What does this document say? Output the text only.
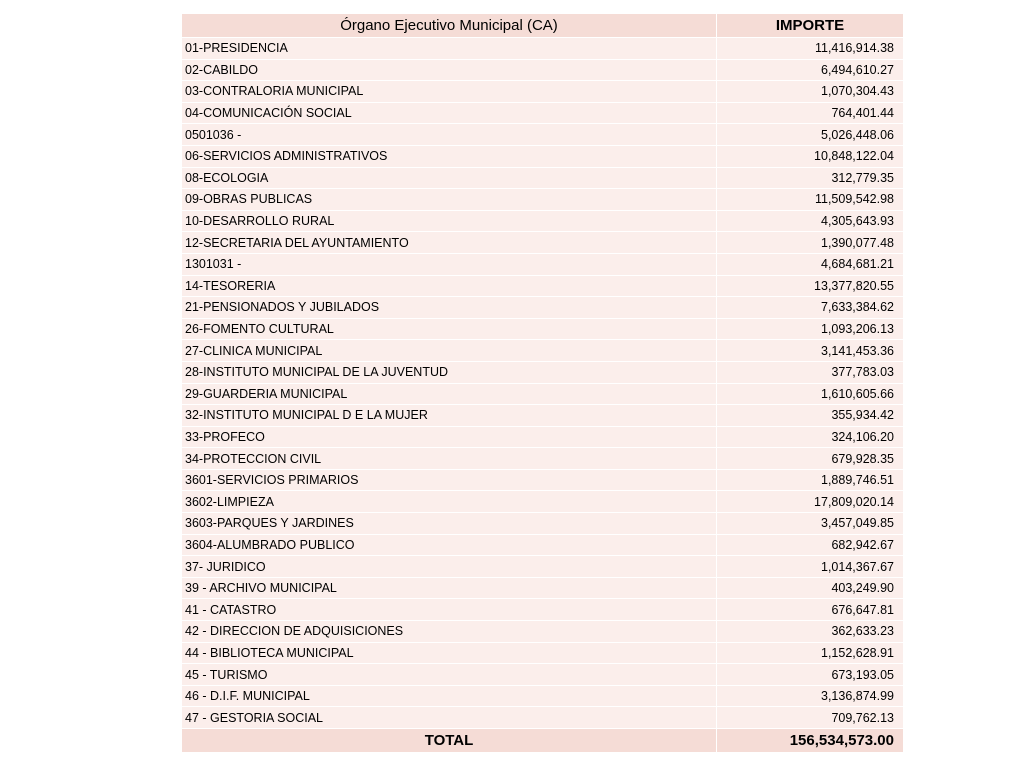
Órgano Ejecutivo Municipal (CA)	IMPORTE
01-PRESIDENCIA	11,416,914.38
02-CABILDO	6,494,610.27
03-CONTRALORIA MUNICIPAL	1,070,304.43
04-COMUNICACIÓN SOCIAL	764,401.44
0501036 -	5,026,448.06
06-SERVICIOS ADMINISTRATIVOS	10,848,122.04
08-ECOLOGIA	312,779.35
09-OBRAS PUBLICAS	11,509,542.98
10-DESARROLLO RURAL	4,305,643.93
12-SECRETARIA DEL AYUNTAMIENTO	1,390,077.48
1301031 -	4,684,681.21
14-TESORERIA	13,377,820.55
21-PENSIONADOS Y JUBILADOS	7,633,384.62
26-FOMENTO CULTURAL	1,093,206.13
27-CLINICA MUNICIPAL	3,141,453.36
28-INSTITUTO MUNICIPAL DE LA JUVENTUD	377,783.03
29-GUARDERIA MUNICIPAL	1,610,605.66
32-INSTITUTO MUNICIPAL D E LA MUJER	355,934.42
33-PROFECO	324,106.20
34-PROTECCION CIVIL	679,928.35
3601-SERVICIOS PRIMARIOS	1,889,746.51
3602-LIMPIEZA	17,809,020.14
3603-PARQUES Y JARDINES	3,457,049.85
3604-ALUMBRADO PUBLICO	682,942.67
37- JURIDICO	1,014,367.67
39 - ARCHIVO MUNICIPAL	403,249.90
41 - CATASTRO	676,647.81
42 - DIRECCION DE ADQUISICIONES	362,633.23
44 - BIBLIOTECA MUNICIPAL	1,152,628.91
45 - TURISMO	673,193.05
46 - D.I.F. MUNICIPAL	3,136,874.99
47 - GESTORIA SOCIAL	709,762.13
TOTAL	156,534,573.00
